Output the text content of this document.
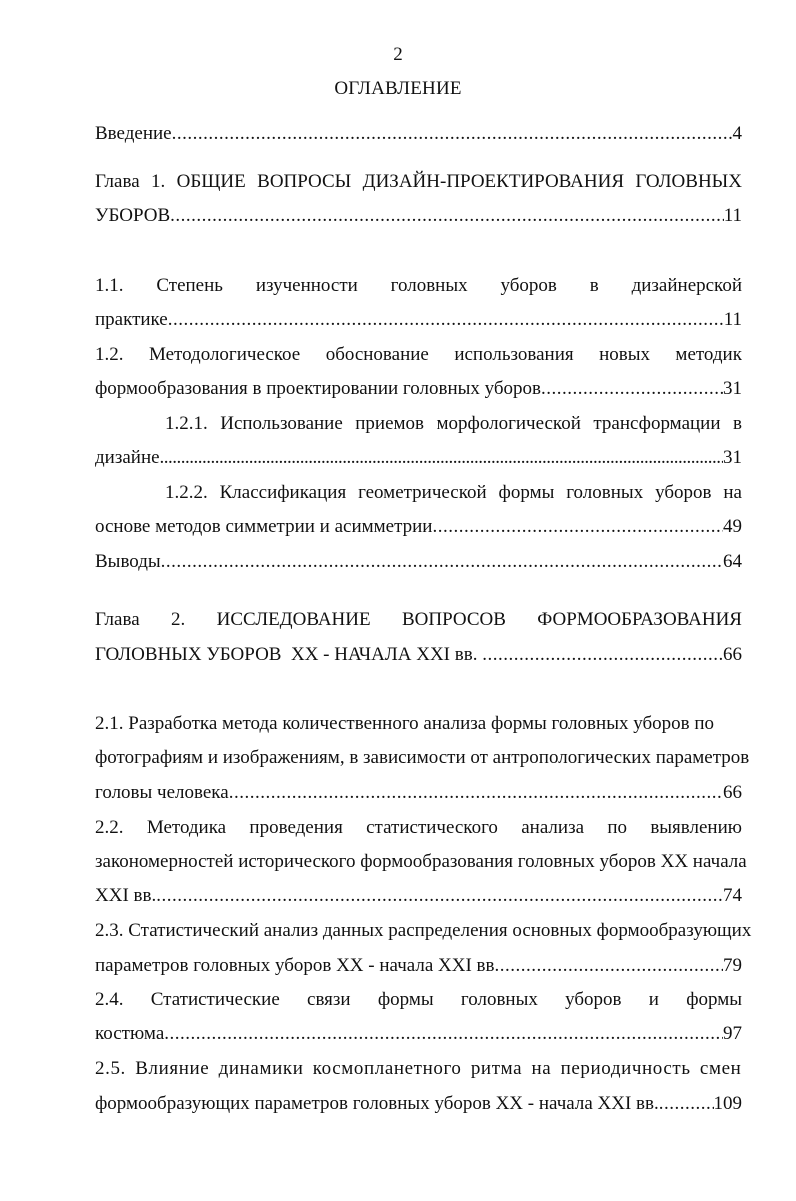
2
ОГЛАВЛЕНИЕ
Введение .....	4
Глава 1. ОБЩИЕ ВОПРОСЫ ДИЗАЙН-ПРОЕКТИРОВАНИЯ ГОЛОВНЫХ
УБОРОВ .....	11
1.1. Степень изученности головных уборов в дизайнерской
практике .....	11
1.2. Методологическое обоснование использования новых методик
формообразования в проектировании головных уборов .....	31
1.2.1. Использование приемов морфологической трансформации в
дизайне .....	31
1.2.2. Классификация геометрической формы головных уборов на
основе методов симметрии и асимметрии .....	49
Выводы .....	64
Глава 2. ИССЛЕДОВАНИЕ ВОПРОСОВ ФОРМООБРАЗОВАНИЯ
ГОЛОВНЫХ УБОРОВ  XX - НАЧАЛА XXI вв. .....	66
2.1. Разработка метода количественного анализа формы головных уборов по
фотографиям и изображениям, в зависимости от антропологических параметров
головы человека .....	66
2.2. Методика проведения статистического анализа по выявлению
закономерностей исторического формообразования головных уборов XX начала
XXI вв. .....	74
2.3. Статистический анализ данных распределения основных формообразующих
параметров головных уборов XX - начала XXI вв .....	79
2.4. Статистические связи формы головных уборов и формы
костюма .....	97
2.5. Влияние динамики космопланетного ритма на периодичность смен
формообразующих параметров головных уборов XX - начала XXI вв. .....	109
